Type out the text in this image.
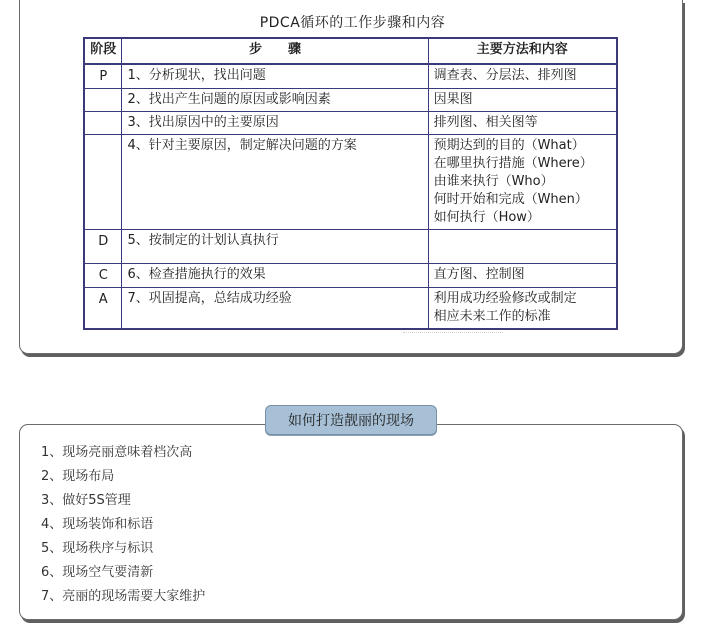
PDCA循环的工作步骤和内容
阶段	步　　骤	主要方法和内容
P	1、分析现状，找出问题	调查表、分层法、排列图

	2、找出产生问题的原因或影响因素	因果图

	3、找出原因中的主要原因	排列图、相关图等

	4、针对主要原因，制定解决问题的方案	预期达到的目的（What）
在哪里执行措施（Where）
由谁来执行（Who）
何时开始和完成（When）
如何执行（How）

D	5、按制定的计划认真执行	

C	6、检查措施执行的效果	直方图、控制图

A	7、巩固提高，总结成功经验	利用成功经验修改或制定
相应未来工作的标准
如何打造靓丽的现场
1、现场亮丽意味着档次高
2、现场布局
3、做好5S管理
4、现场装饰和标语
5、现场秩序与标识
6、现场空气要清新
7、亮丽的现场需要大家维护
